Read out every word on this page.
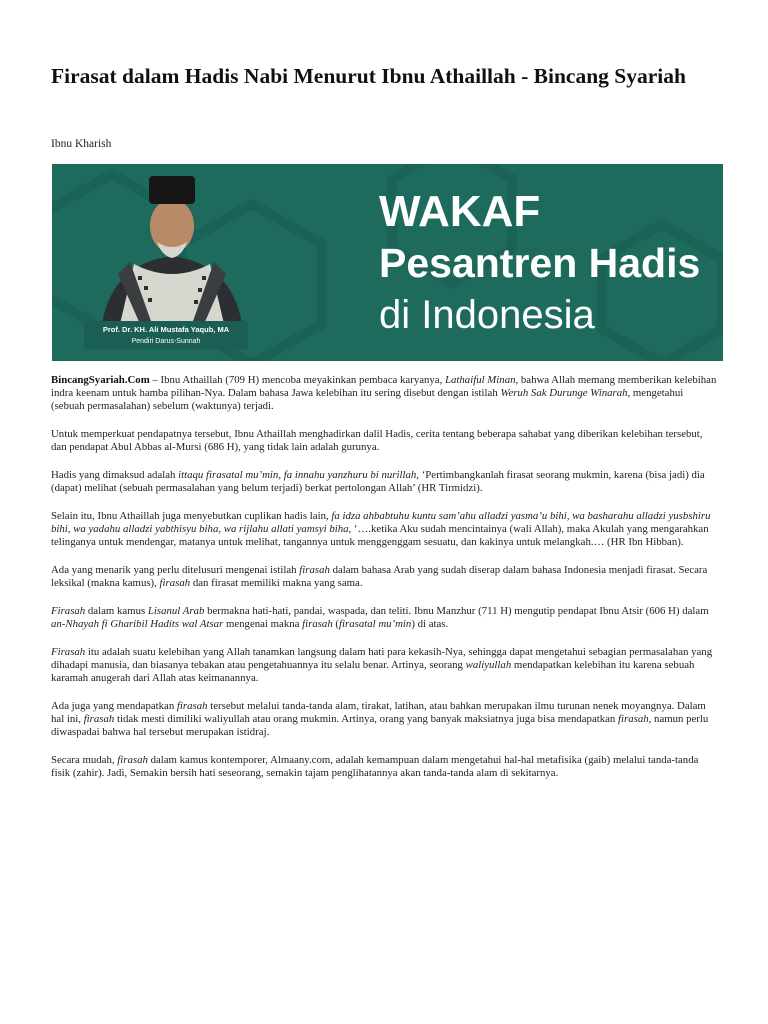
Firasat dalam Hadis Nabi Menurut Ibnu Athaillah - Bincang Syariah
Ibnu Kharish
Prof. Dr. KH. Ali Mustafa Yaqub, MA
Pendiri Darus-Sunnah
WAKAF
Pesantren Hadis
di Indonesia

BincangSyariah.Com – Ibnu Athaillah (709 H) mencoba meyakinkan pembaca karyanya, Lathaiful Minan, bahwa Allah memang memberikan kelebihan indra keenam untuk hamba pilihan-Nya. Dalam bahasa Jawa kelebihan itu sering disebut dengan istilah Weruh Sak Durunge Winarah, mengetahui (sebuah permasalahan) sebelum (waktunya) terjadi.

Untuk memperkuat pendapatnya tersebut, Ibnu Athaillah menghadirkan dalil Hadis, cerita tentang beberapa sahabat yang diberikan kelebihan tersebut, dan pendapat Abul Abbas al-Mursi (686 H), yang tidak lain adalah gurunya.

Hadis yang dimaksud adalah ittaqu firasatal mu’min, fa innahu yanzhuru bi nurillah, ‘Pertimbangkanlah firasat seorang mukmin, karena (bisa jadi) dia (dapat) melihat (sebuah permasalahan yang belum terjadi) berkat pertolongan Allah’ (HR Tirmidzi).

Selain itu, Ibnu Athaillah juga menyebutkan cuplikan hadis lain, fa idza ahbabtuhu kuntu sam’ahu alladzi yasma’u bihi, wa basharahu alladzi yusbshiru bihi, wa yadahu alladzi yabthisyu biha, wa rijlahu allati yamsyi biha, ‘….ketika Aku sudah mencintainya (wali Allah), maka Akulah yang mengarahkan telinganya untuk mendengar, matanya untuk melihat, tangannya untuk menggenggam sesuatu, dan kakinya untuk melangkah.… (HR Ibn Hibban).

Ada yang menarik yang perlu ditelusuri mengenai istilah firasah dalam bahasa Arab yang sudah diserap dalam bahasa Indonesia menjadi firasat. Secara leksikal (makna kamus), firasah dan firasat memiliki makna yang sama.

Firasah dalam kamus Lisanul Arab bermakna hati-hati, pandai, waspada, dan teliti. Ibnu Manzhur (711 H) mengutip pendapat Ibnu Atsir (606 H) dalam an-Nhayah fi Gharibil Hadits wal Atsar mengenai makna firasah (firasatal mu’min) di atas.

Firasah itu adalah suatu kelebihan yang Allah tanamkan langsung dalam hati para kekasih-Nya, sehingga dapat mengetahui sebagian permasalahan yang dihadapi manusia, dan biasanya tebakan atau pengetahuannya itu selalu benar. Artinya, seorang waliyullah mendapatkan kelebihan itu karena sebuah karamah anugerah dari Allah atas keimanannya.

Ada juga yang mendapatkan firasah tersebut melalui tanda-tanda alam, tirakat, latihan, atau bahkan merupakan ilmu turunan nenek moyangnya. Dalam hal ini, firasah tidak mesti dimiliki waliyullah atau orang mukmin. Artinya, orang yang banyak maksiatnya juga bisa mendapatkan firasah, namun perlu diwaspadai bahwa hal tersebut merupakan istidraj.

Secara mudah, firasah dalam kamus kontemporer, Almaany.com, adalah kemampuan dalam mengetahui hal-hal metafisika (gaib) melalui tanda-tanda fisik (zahir). Jadi, Semakin bersih hati seseorang, semakin tajam penglihatannya akan tanda-tanda alam di sekitarnya.
